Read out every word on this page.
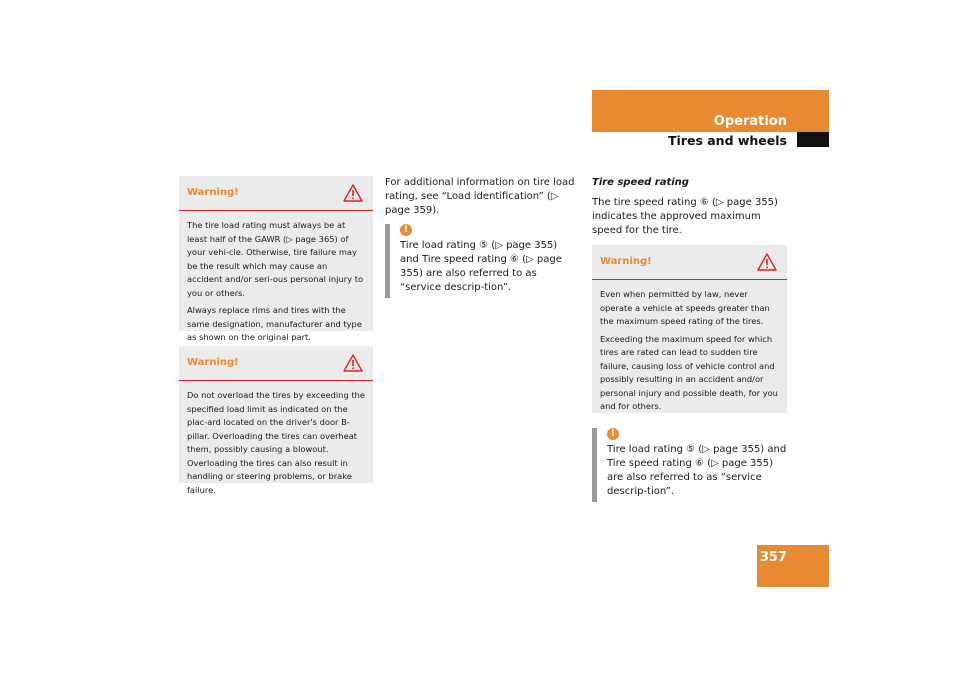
Operation
Tires and wheels
Warning!

The tire load rating must always be at least half of the GAWR (▷ page 365) of your vehi-cle. Otherwise, tire failure may be the result which may cause an accident and/or seri-ous personal injury to you or others.

Always replace rims and tires with the same designation, manufacturer and type as shown on the original part.

Warning!

Do not overload the tires by exceeding the specified load limit as indicated on the plac-ard located on the driver's door B-pillar. Overloading the tires can overheat them, possibly causing a blowout. Overloading the tires can also result in handling or steering problems, or brake failure.

For additional information on tire load rating, see “Load identification” (▷ page 359).
i
Tire load rating ⑤ (▷ page 355) and Tire speed rating ⑥ (▷ page 355) are also referred to as “service descrip-tion”.
Tire speed rating
The tire speed rating ⑥ (▷ page 355) indicates the approved maximum speed for the tire.
Warning!

Even when permitted by law, never operate a vehicle at speeds greater than the maximum speed rating of the tires.

Exceeding the maximum speed for which tires are rated can lead to sudden tire failure, causing loss of vehicle control and possibly resulting in an accident and/or personal injury and possible death, for you and for others.

i
Tire load rating ⑤ (▷ page 355) and Tire speed rating ⑥ (▷ page 355) are also referred to as “service descrip-tion”.
357
